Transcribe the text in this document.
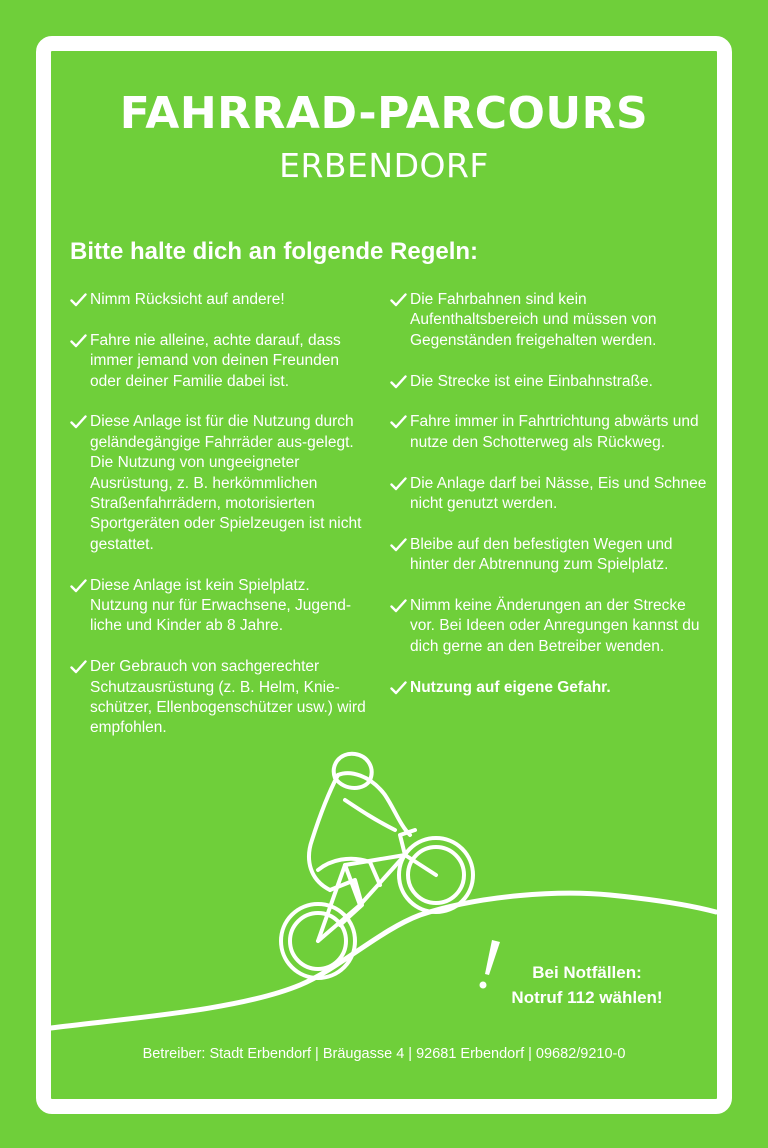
FAHRRAD-PARCOURS
ERBENDORF
Bitte halte dich an folgende Regeln:
Nimm Rücksicht auf andere!
Fahre nie alleine, achte darauf, dass immer jemand von deinen Freunden oder deiner Familie dabei ist.
Diese Anlage ist für die Nutzung durch geländegängige Fahrräder aus-gelegt. Die Nutzung von ungeeigneter Ausrüstung, z. B. herkömmlichen Straßenfahrrädern, motorisierten Sportgeräten oder Spielzeugen ist nicht gestattet.
Diese Anlage ist kein Spielplatz. Nutzung nur für Erwachsene, Jugend-liche und Kinder ab 8 Jahre.
Der Gebrauch von sachgerechter Schutzausrüstung (z. B. Helm, Knie-schützer, Ellenbogenschützer usw.) wird empfohlen.
Die Fahrbahnen sind kein Aufenthaltsbereich und müssen von Gegenständen freigehalten werden.
Die Strecke ist eine Einbahnstraße.
Fahre immer in Fahrtrichtung abwärts und nutze den Schotterweg als Rückweg.
Die Anlage darf bei Nässe, Eis und Schnee nicht genutzt werden.
Bleibe auf den befestigten Wegen und hinter der Abtrennung zum Spielplatz.
Nimm keine Änderungen an der Strecke vor. Bei Ideen oder Anregungen kannst du dich gerne an den Betreiber wenden.
Nutzung auf eigene Gefahr.
Bei Notfällen:
Notruf 112 wählen!
Betreiber: Stadt Erbendorf | Bräugasse 4 | 92681 Erbendorf | 09682/9210-0
